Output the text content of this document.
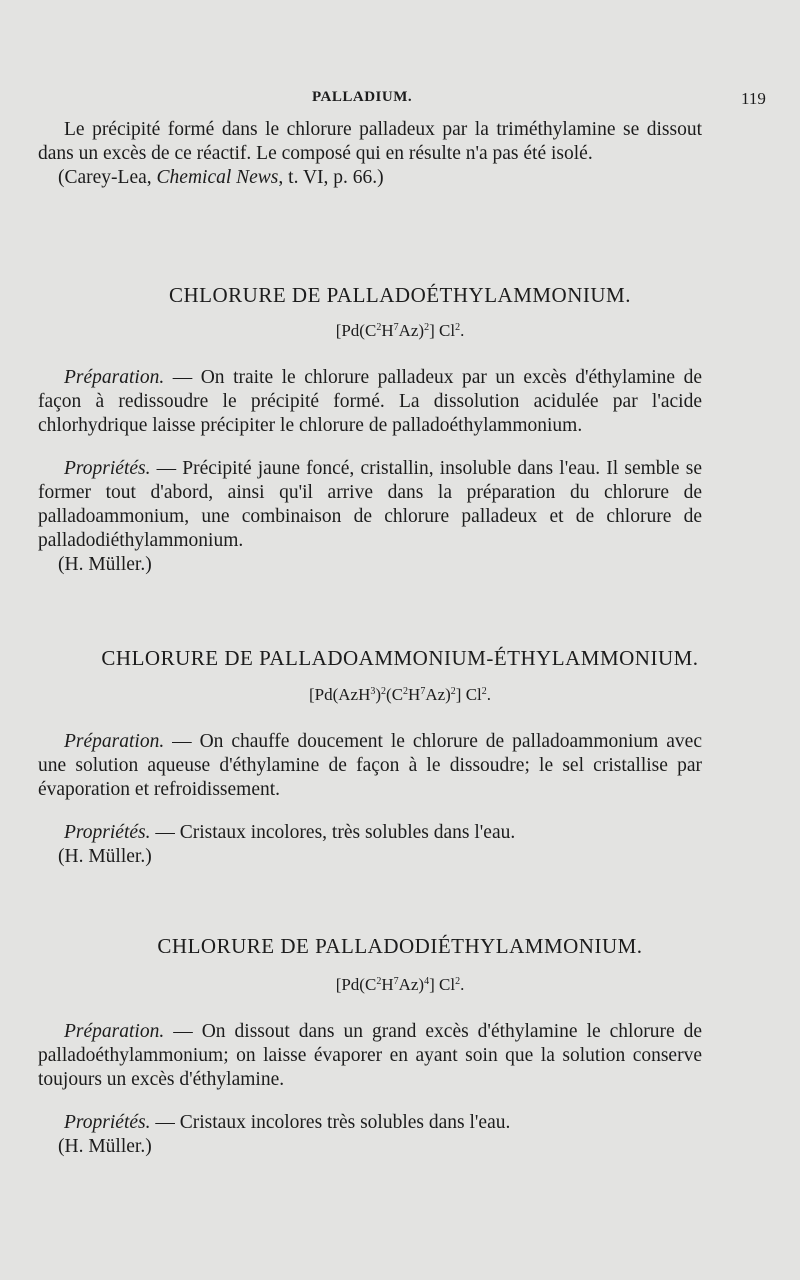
PALLADIUM.	119

Le précipité formé dans le chlorure palladeux par la triméthylamine se dissout dans un excès de ce réactif. Le composé qui en résulte n'a pas été isolé.

(Carey-Lea, Chemical News, t. VI, p. 66.)

CHLORURE DE PALLADOÉTHYLAMMONIUM.
$[Pd(C^2H^7Az)^2]$ Cl$^2$.

Préparation. — On traite le chlorure palladeux par un excès d'éthylamine de façon à redissoudre le précipité formé. La dissolution acidulée par l'acide chlorhydrique laisse précipiter le chlorure de palladoéthylammonium.

Propriétés. — Précipité jaune foncé, cristallin, insoluble dans l'eau. Il semble se former tout d'abord, ainsi qu'il arrive dans la préparation du chlorure de palladoammonium, une combinaison de chlorure palladeux et de chlorure de palladodiéthylammonium.

(H. Müller.)

CHLORURE DE PALLADOAMMONIUM-ÉTHYLAMMONIUM.
$[Pd(AzH^3)^2(C^2H^7Az)^2]$ Cl$^2$.

Préparation. — On chauffe doucement le chlorure de palladoammonium avec une solution aqueuse d'éthylamine de façon à le dissoudre; le sel cristallise par évaporation et refroidissement.

Propriétés. — Cristaux incolores, très solubles dans l'eau.

(H. Müller.)

CHLORURE DE PALLADODIÉTHYLAMMONIUM.
$[Pd(C^2H^7Az)^4]$ Cl$^2$.

Préparation. — On dissout dans un grand excès d'éthylamine le chlorure de palladoéthylammonium; on laisse évaporer en ayant soin que la solution conserve toujours un excès d'éthylamine.

Propriétés. — Cristaux incolores très solubles dans l'eau.

(H. Müller.)
